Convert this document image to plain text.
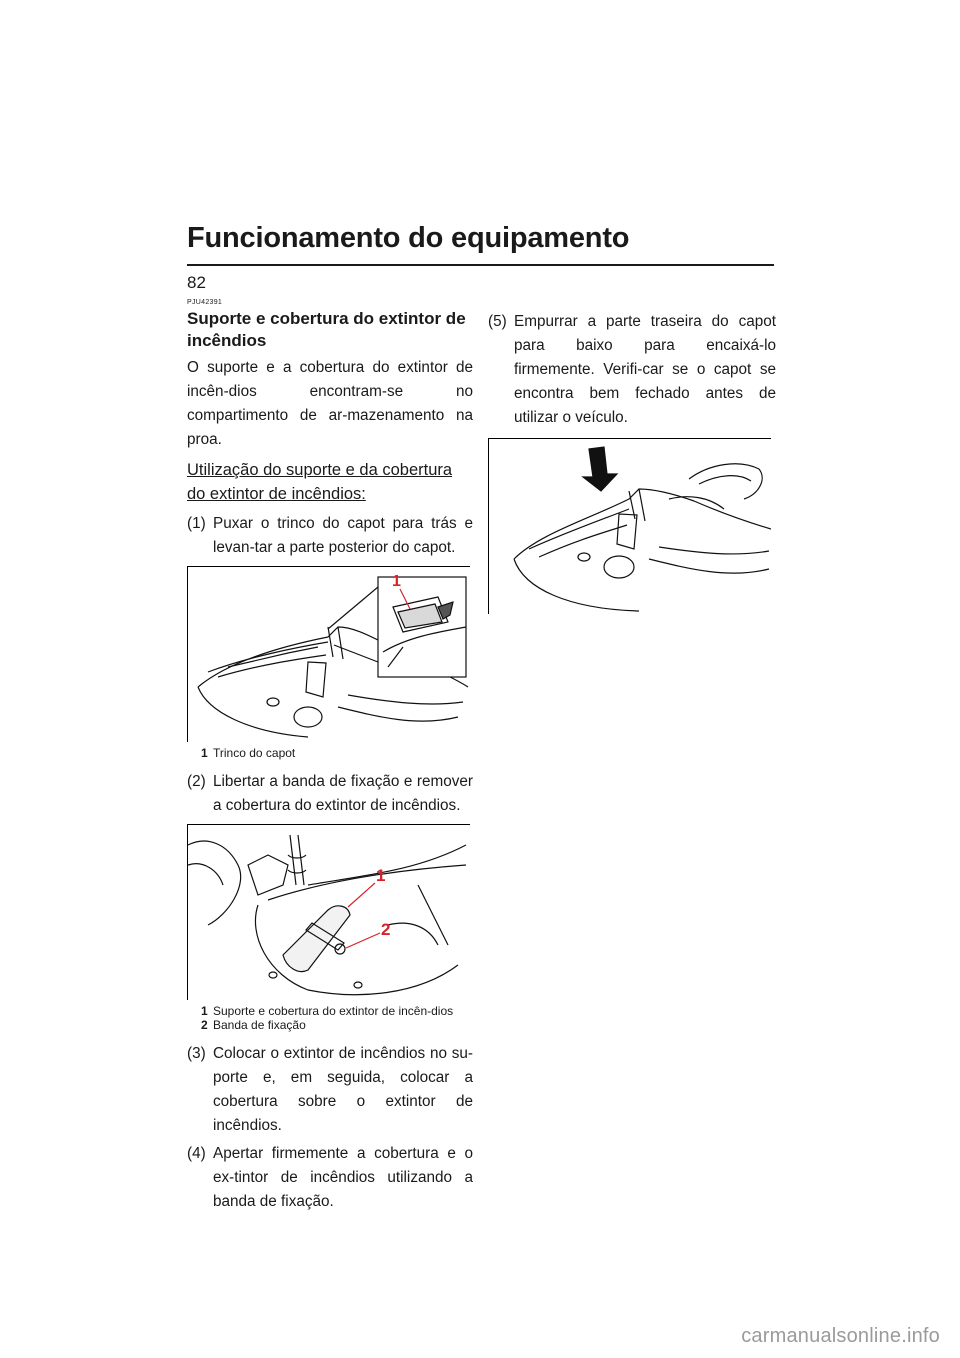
Funcionamento do equipamento
82
PJU42391
Suporte e cobertura do extintor de incêndios

O suporte e a cobertura do extintor de incên-dios encontram-se no compartimento de ar-mazenamento na proa.

Utilização do suporte e da cobertura do extintor de incêndios:
(1) Puxar o trinco do capot para trás e levan-tar a parte posterior do capot.
1
1 Trinco do capot
(2) Libertar a banda de fixação e remover a cobertura do extintor de incêndios.
1
2
1 Suporte e cobertura do extintor de incên-dios
2 Banda de fixação
(3) Colocar o extintor de incêndios no su-porte e, em seguida, colocar a cobertura sobre o extintor de incêndios.
(4) Apertar firmemente a cobertura e o ex-tintor de incêndios utilizando a banda de fixação.
(5) Empurrar a parte traseira do capot para baixo para encaixá-lo firmemente. Verifi-car se o capot se encontra bem fechado antes de utilizar o veículo.
carmanualsonline.info
